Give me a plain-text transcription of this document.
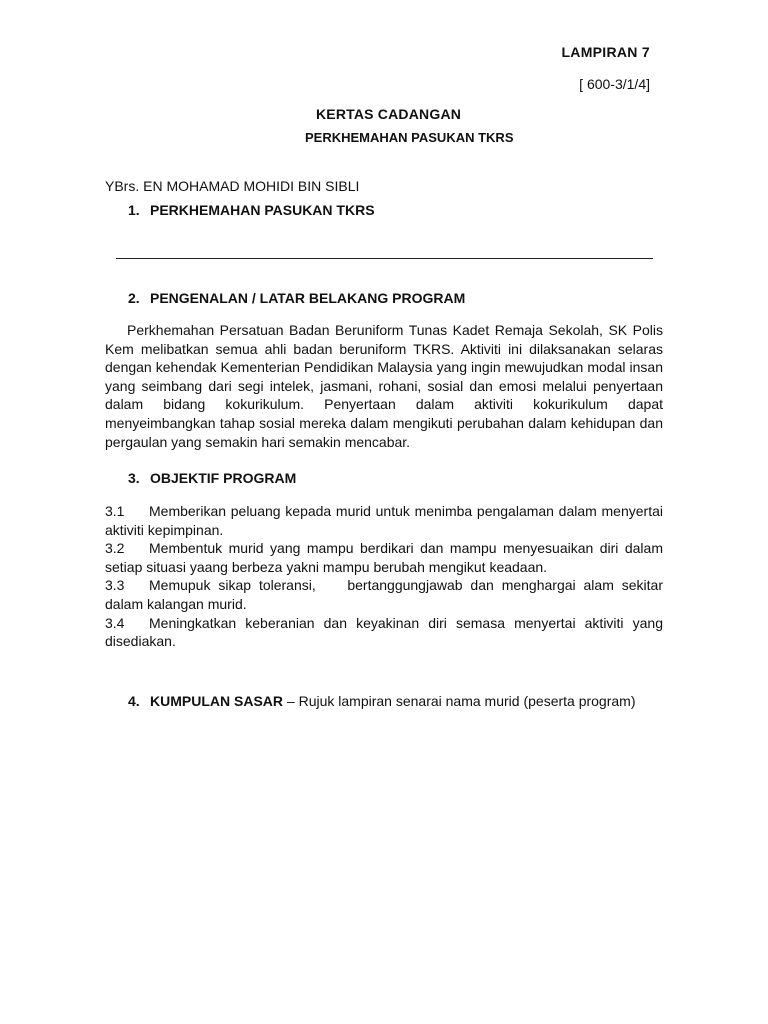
LAMPIRAN 7
[ 600-3/1/4]
KERTAS CADANGAN
PERKHEMAHAN PASUKAN TKRS
YBrs. EN MOHAMAD MOHIDI BIN SIBLI
1. PERKHEMAHAN PASUKAN TKRS
2. PENGENALAN / LATAR BELAKANG PROGRAM

Perkhemahan Persatuan Badan Beruniform Tunas Kadet Remaja Sekolah, SK Polis Kem melibatkan semua ahli badan beruniform TKRS. Aktiviti ini dilaksanakan selaras dengan kehendak Kementerian Pendidikan Malaysia yang ingin mewujudkan modal insan yang seimbang dari segi intelek, jasmani, rohani, sosial dan emosi melalui penyertaan dalam bidang kokurikulum. Penyertaan dalam aktiviti kokurikulum dapat menyeimbangkan tahap sosial mereka dalam mengikuti perubahan dalam kehidupan dan pergaulan yang semakin hari semakin mencabar.

3. OBJEKTIF PROGRAM

3.1 Memberikan peluang kepada murid untuk menimba pengalaman dalam menyertai aktiviti kepimpinan.

3.2 Membentuk murid yang mampu berdikari dan mampu menyesuaikan diri dalam setiap situasi yaang berbeza yakni mampu berubah mengikut keadaan.

3.3 Memupuk sikap toleransi,    bertanggungjawab dan menghargai alam sekitar dalam kalangan murid.

3.4 Meningkatkan keberanian dan keyakinan diri semasa menyertai aktiviti yang disediakan.

4. KUMPULAN SASAR – Rujuk lampiran senarai nama murid (peserta program)
